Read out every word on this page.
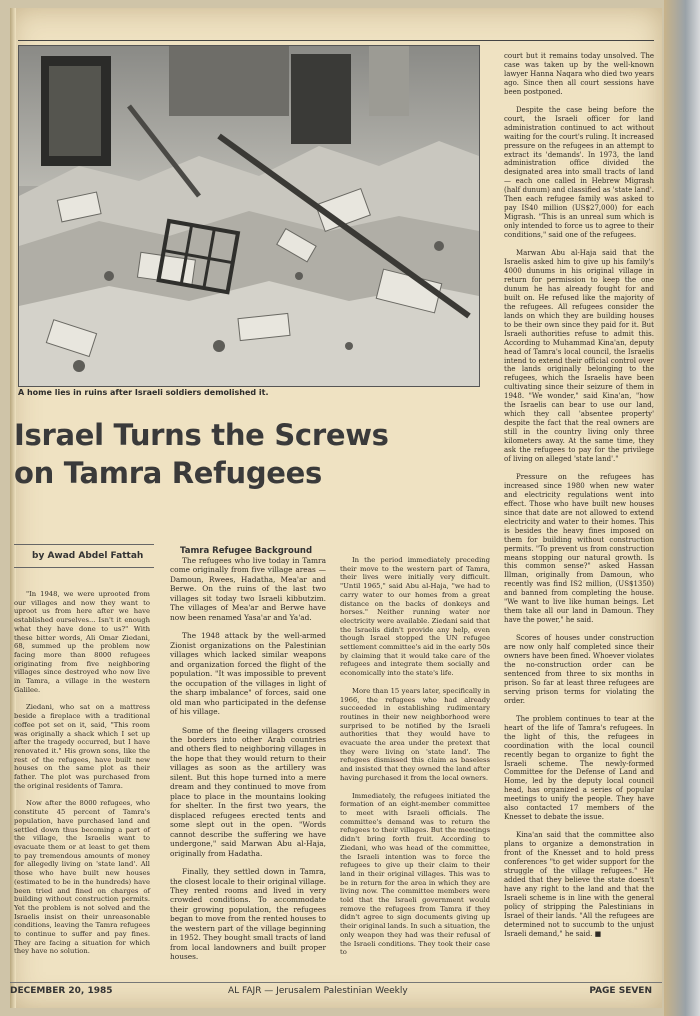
A home lies in ruins after Israeli soldiers demolished it.
Israel Turns the Screws
on Tamra Refugees
by Awad Abdel Fattah	Tamra Refugee Background

"In 1948, we were uprooted from our villages and now they want to uproot us from here after we have established ourselves... Isn't it enough what they have done to us?" With these bitter words, Ali Omar Ziedani, 68, summed up the problem now facing more than 8000 refugees originating from five neighboring villages since destroyed who now live in Tamra, a village in the western Galilee.

Ziedani, who sat on a mattress beside a fireplace with a traditional coffee pot set on it, said, "This room was originally a shack which I set up after the tragedy occurred, but I have renovated it." His grown sons, like the rest of the refugees, have built new houses on the same plot as their father. The plot was purchased from the original residents of Tamra.

Now after the 8000 refugees, who constitute 45 percent of Tamra's population, have purchased land and settled down thus becoming a part of the village, the Israelis want to evacuate them or at least to get them to pay tremendous amounts of money for allegedly living on 'state land'. All those who have built new houses (estimated to be in the hundreds) have been tried and fined on charges of building without construction permits. Yet the problem is not solved and the Israelis insist on their unreasonable conditions, leaving the Tamra refugees to continue to suffer and pay fines. They are facing a situation for which they have no solution.

The refugees who live today in Tamra come originally from five village areas — Damoun, Rwees, Hadatha, Mea'ar and Berwe. On the ruins of the last two villages sit today two Israeli kibbutzim. The villages of Mea'ar and Berwe have now been renamed Yasa'ar and Ya'ad.

The 1948 attack by the well-armed Zionist organizations on the Palestinian villages which lacked similar weapons and organization forced the flight of the population. "It was impossible to prevent the occupation of the villages in light of the sharp imbalance" of forces, said one old man who participated in the defense of his village.

Some of the fleeing villagers crossed the borders into other Arab countries and others fled to neighboring villages in the hope that they would return to their villages as soon as the artillery was silent. But this hope turned into a mere dream and they continued to move from place to place in the mountains looking for shelter. In the first two years, the displaced refugees erected tents and some slept out in the open. "Words cannot describe the suffering we have undergone," said Marwan Abu al-Haja, originally from Hadatha.

Finally, they settled down in Tamra, the closest locale to their original village. They rented rooms and lived in very crowded conditions. To accommodate their growing population, the refugees began to move from the rented houses to the western part of the village beginning in 1952. They bought small tracts of land from local landowners and built proper houses.

In the period immediately preceding their move to the western part of Tamra, their lives were initially very difficult. "Until 1965," said Abu al-Haja, "we had to carry water to our homes from a great distance on the backs of donkeys and horses." Neither running water nor electricity were available. Ziedani said that the Israelis didn't provide any help, even though Israel stopped the UN refugee settlement committee's aid in the early 50s by claiming that it would take care of the refugees and integrate them socially and economically into the state's life.

More than 15 years later, specifically in 1966, the refugees who had already succeeded in establishing rudimentary routines in their new neighborhood were surprised to be notified by the Israeli authorities that they would have to evacuate the area under the pretext that they were living on 'state land'. The refugees dismissed this claim as baseless and insisted that they owned the land after having purchased it from the local owners.

Immediately, the refugees initiated the formation of an eight-member committee to meet with Israeli officials. The committee's demand was to return the refugees to their villages. But the meetings didn't bring forth fruit. According to Ziedani, who was head of the committee, the Israeli intention was to force the refugees to give up their claim to their land in their original villages. This was to be in return for the area in which they are living now. The committee members were told that the Israeli government would remove the refugees from Tamra if they didn't agree to sign documents giving up their original lands. In such a situation, the only weapon they had was their refusal of the Israeli conditions. They took their case to

court but it remains today unsolved. The case was taken up by the well-known lawyer Hanna Naqara who died two years ago. Since then all court sessions have been postponed.

Despite the case being before the court, the Israeli officer for land administration continued to act without waiting for the court's ruling. It increased pressure on the refugees in an attempt to extract its 'demands'. In 1973, the land administration office divided the designated area into small tracts of land — each one called in Hebrew Migrash (half dunum) and classified as 'state land'. Then each refugee family was asked to pay IS40 million (US$27,000) for each Migrash. "This is an unreal sum which is only intended to force us to agree to their conditions," said one of the refugees.

Marwan Abu al-Haja said that the Israelis asked him to give up his family's 4000 dunums in his original village in return for permission to keep the one dunum he has already fought for and built on. He refused like the majority of the refugees. All refugees consider the lands on which they are building houses to be their own since they paid for it. But Israeli authorities refuse to admit this. According to Muhammad Kina'an, deputy head of Tamra's local council, the Israelis intend to extend their official control over the lands originally belonging to the refugees, which the Israelis have been cultivating since their seizure of them in 1948. "We wonder," said Kina'an, "how the Israelis can bear to use our land, which they call 'absentee property' despite the fact that the real owners are still in the country living only three kilometers away. At the same time, they ask the refugees to pay for the privilege of living on alleged 'state land'."

Pressure on the refugees has increased since 1980 when new water and electricity regulations went into effect. Those who have built new houses since that date are not allowed to extend electricity and water to their homes. This is besides the heavy fines imposed on them for building without construction permits. "To prevent us from construction means stopping our natural growth. Is this common sense?" asked Hassan Illman, originally from Damoun, who recently was find IS2 million, (US$1350) and banned from completing the house. "We want to live like human beings. Let them take all our land in Damoun. They have the power," he said.

Scores of houses under construction are now only half completed since their owners have been fined. Whoever violates the no-construction order can be sentenced from three to six months in prison. So far at least three refugees are serving prison terms for violating the order.

The problem continues to tear at the heart of the life of Tamra's refugees. In the light of this, the refugees in coordination with the local council recently began to organize to fight the Israeli scheme. The newly-formed Committee for the Defense of Land and Home, led by the deputy local council head, has organized a series of popular meetings to unify the people. They have also contacted 17 members of the Knesset to debate the issue.

Kina'an said that the committee also plans to organize a demonstration in front of the Knesset and to hold press conferences "to get wider support for the struggle of the village refugees." He added that they believe the state doesn't have any right to the land and that the Israeli scheme is in line with the general policy of stripping the Palestinians in Israel of their lands. "All the refugees are determined not to succumb to the unjust Israeli demand," he said. ■

DECEMBER 20, 1985	AL FAJR — Jerusalem Palestinian Weekly	PAGE SEVEN
